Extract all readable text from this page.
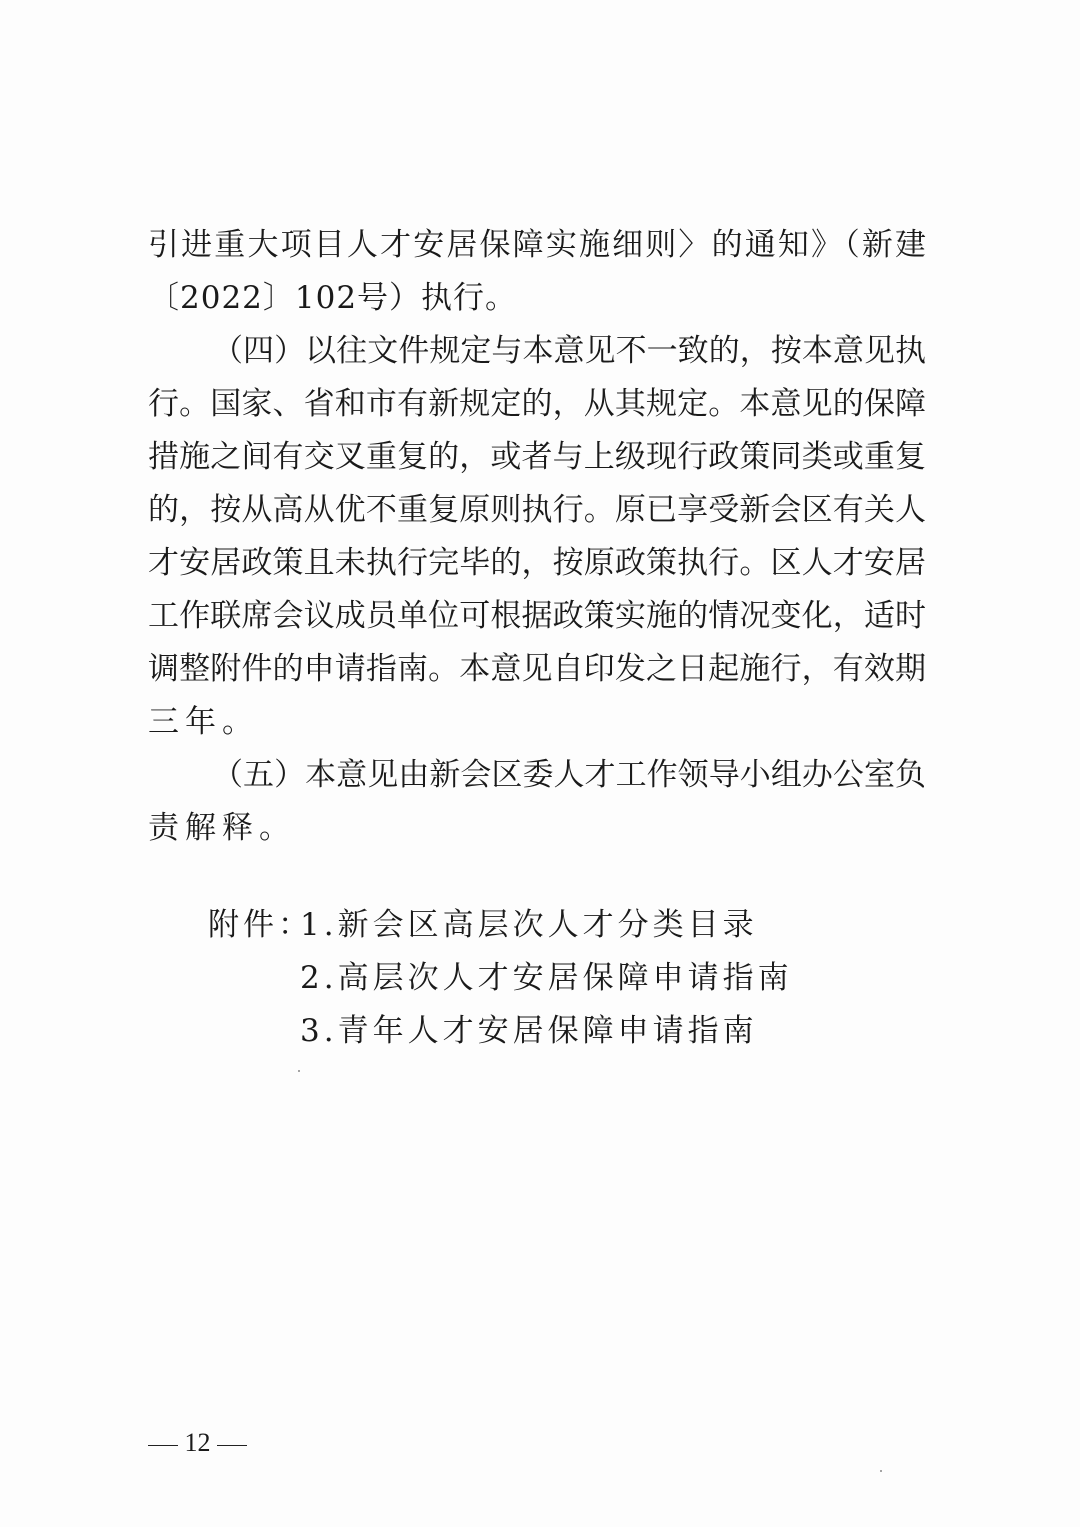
引进重大项目人才安居保障实施细则〉的通知》（新建
〔2022〕102号）执行。
（四）以往文件规定与本意见不一致的，按本意见执
行。国家、省和市有新规定的，从其规定。本意见的保障
措施之间有交叉重复的，或者与上级现行政策同类或重复
的，按从高从优不重复原则执行。原已享受新会区有关人
才安居政策且未执行完毕的，按原政策执行。区人才安居
工作联席会议成员单位可根据政策实施的情况变化，适时
调整附件的申请指南。本意见自印发之日起施行，有效期
三年。
（五）本意见由新会区委人才工作领导小组办公室负
责解释。
附件：
1.新会区高层次人才分类目录
2.高层次人才安居保障申请指南
3.青年人才安居保障申请指南
12
